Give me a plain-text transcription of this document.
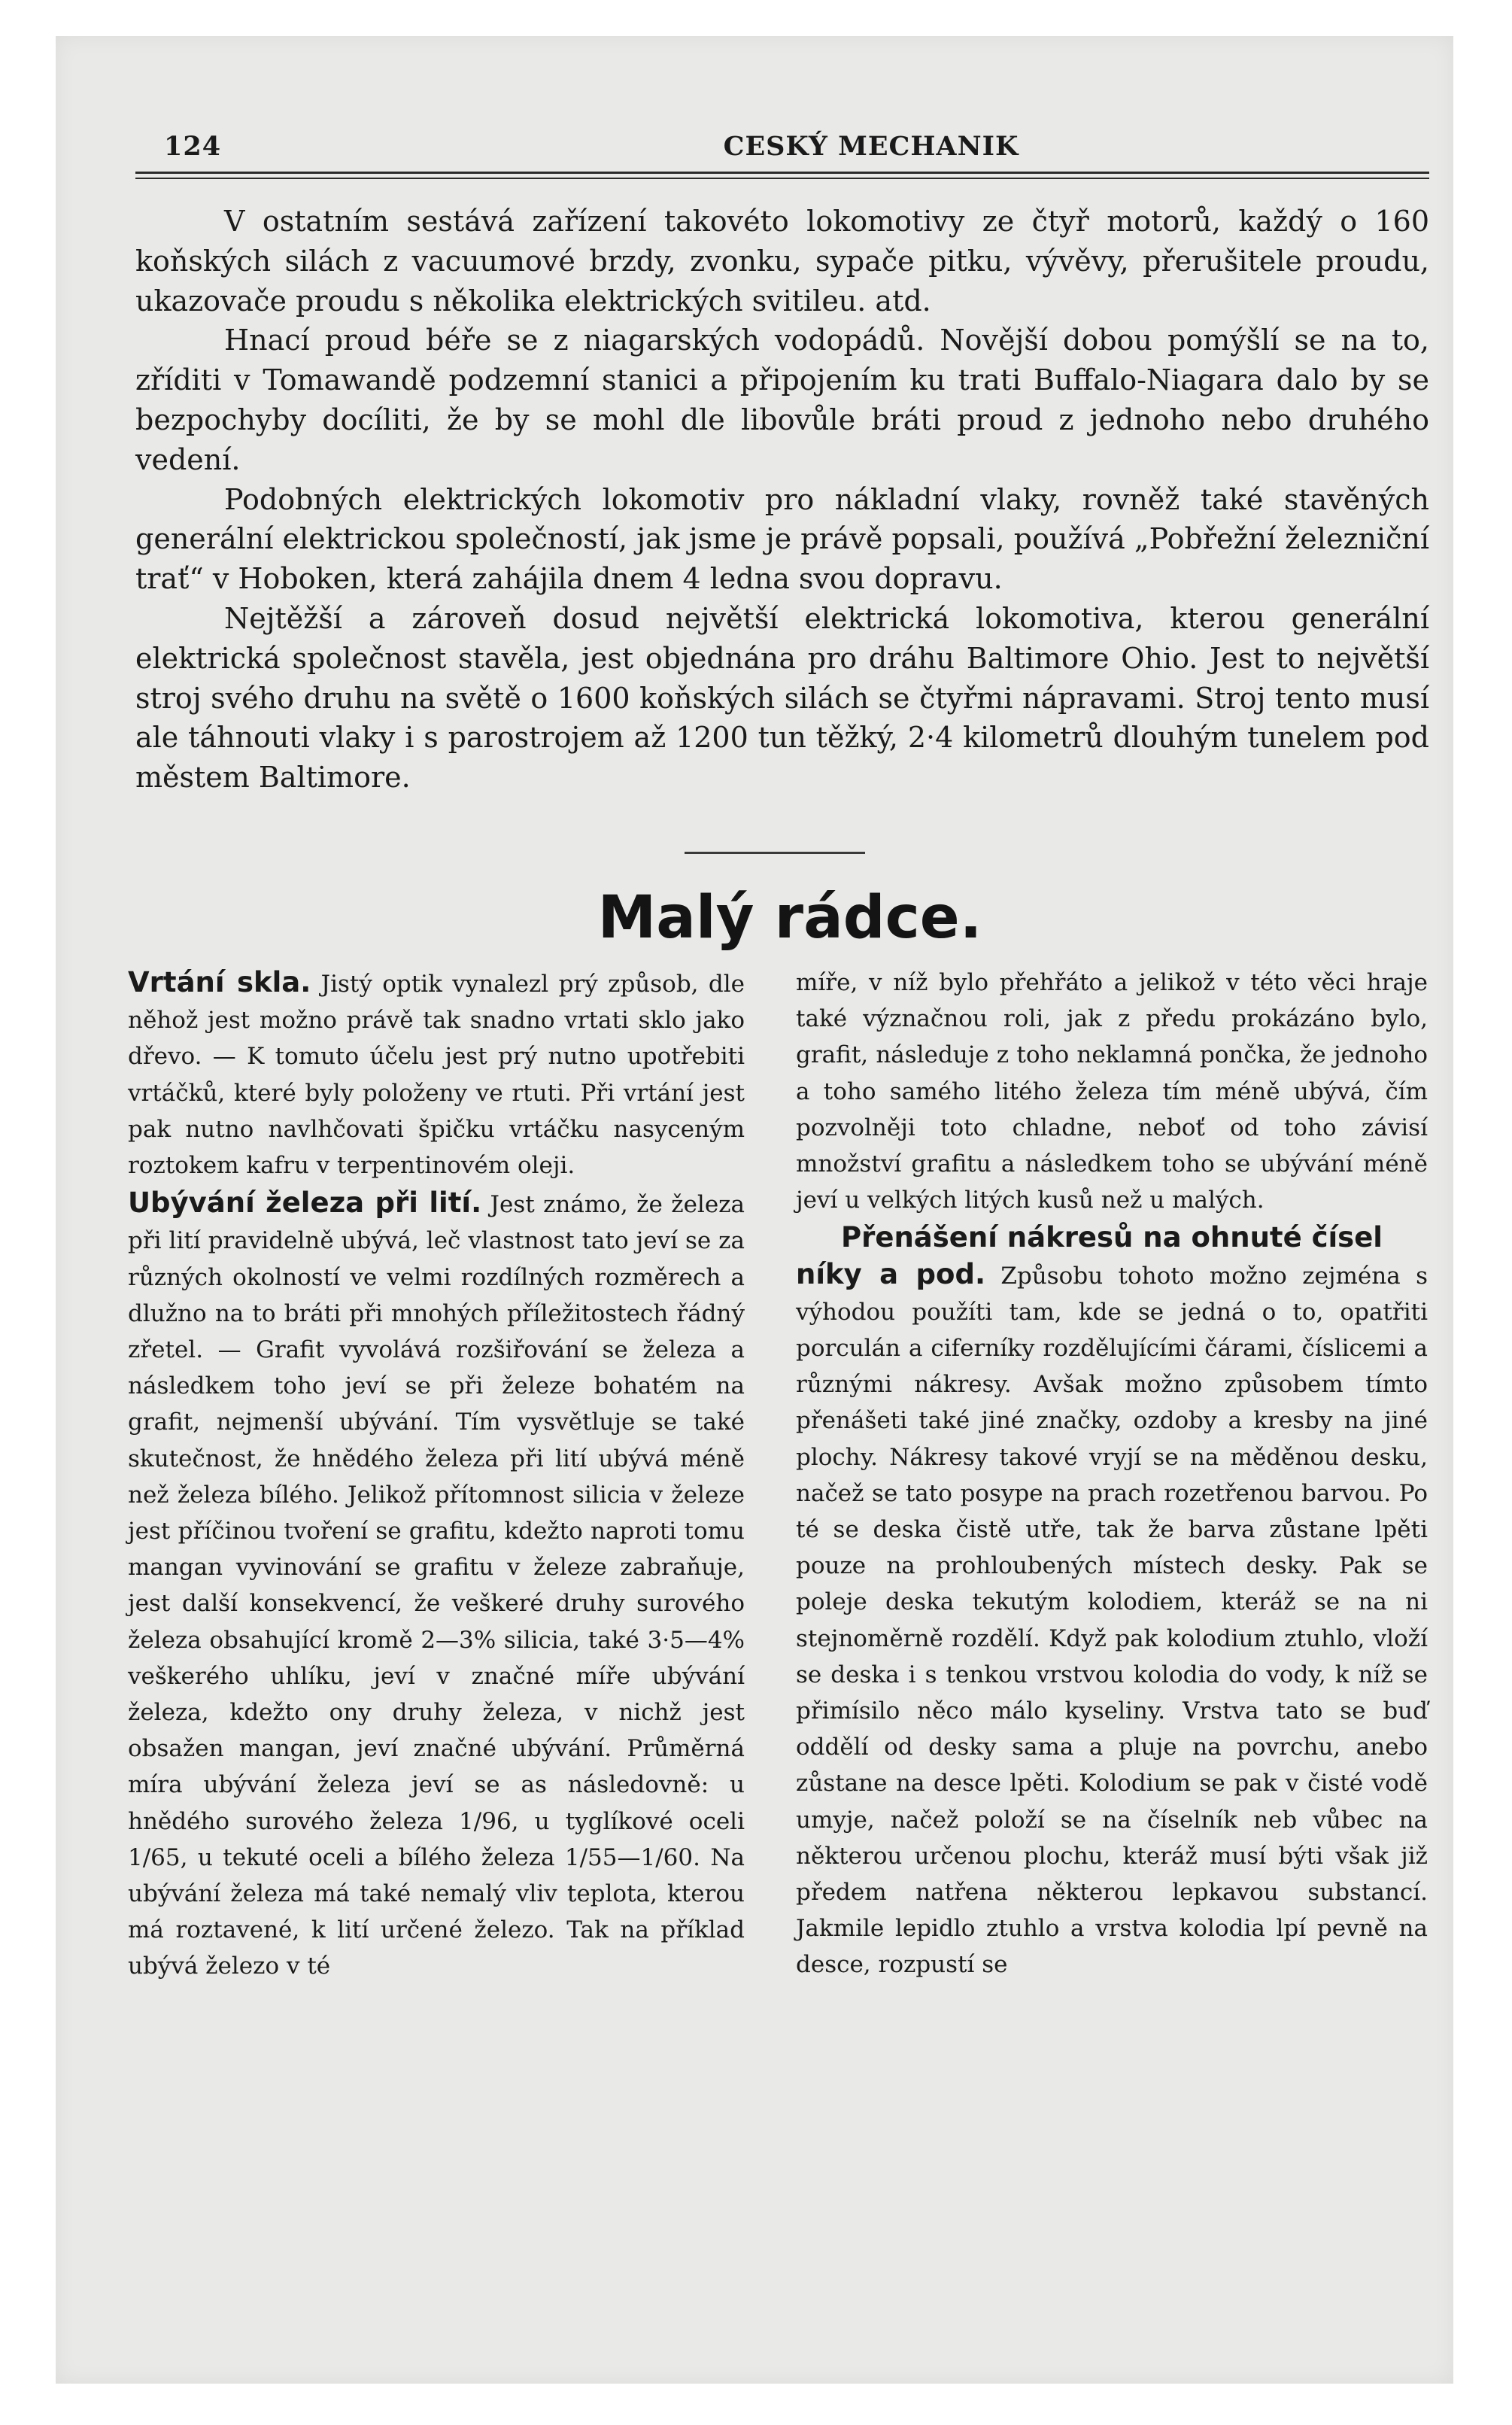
124	CESKÝ MECHANIK

V ostatním sestává zařízení takovéto lokomotivy ze čtyř motorů, každý o 160 koňských silách z vacuumové brzdy, zvonku, sypače pitku, vývěvy, přerušitele proudu, ukazovače proudu s několika elektrických svitileu. atd.

Hnací proud béře se z niagarských vodopádů. Novější dobou pomýšlí se na to, zříditi v Tomawandě podzemní stanici a připojením ku trati Buffalo-Niagara dalo by se bezpochyby docíliti, že by se mohl dle libovůle bráti proud z jednoho nebo druhého vedení.

Podobných elektrických lokomotiv pro nákladní vlaky, rovněž také stavěných generální elektrickou společností, jak jsme je právě popsali, používá „Pobřežní železniční trať“ v Hoboken, která zahájila dnem 4 ledna svou dopravu.

Nejtěžší a zároveň dosud největší elektrická lokomotiva, kterou generální elektrická společnost stavěla, jest objednána pro dráhu Baltimore Ohio. Jest to největší stroj svého druhu na světě o 1600 koňských silách se čtyřmi nápravami. Stroj tento musí ale táhnouti vlaky i s parostrojem až 1200 tun těžký, 2·4 kilometrů dlouhým tunelem pod městem Baltimore.

Malý rádce.

Vrtání skla. Jistý optik vynalezl prý způsob, dle něhož jest možno právě tak snadno vrtati sklo jako dřevo. — K tomuto účelu jest prý nutno upotřebiti vrtáčků, které byly položeny ve rtuti. Při vrtání jest pak nutno navlhčovati špičku vrtáčku nasyceným roztokem kafru v terpentinovém oleji.

Ubývání železa při lití. Jest známo, že železa při lití pravidelně ubývá, leč vlastnost tato jeví se za různých okolností ve velmi rozdílných rozměrech a dlužno na to bráti při mnohých příležitostech řádný zřetel. — Grafit vyvolává rozšiřování se železa a následkem toho jeví se při železe bohatém na grafit, nejmenší ubývání. Tím vysvětluje se také skutečnost, že hnědého železa při lití ubývá méně než železa bílého. Jelikož přítomnost silicia v železe jest příčinou tvoření se grafitu, kdežto naproti tomu mangan vyvinování se grafitu v železe zabraňuje, jest další konsekvencí, že veškeré druhy surového železa obsahující kromě 2—3% silicia, také 3·5—4% veškerého uhlíku, jeví v značné míře ubývání železa, kdežto ony druhy železa, v nichž jest obsažen mangan, jeví značné ubývání. Průměrná míra ubývání železa jeví se as následovně: u hnědého surového železa 1/96, u tyglíkové oceli 1/65, u tekuté oceli a bílého železa 1/55—1/60. Na ubývání železa má také nemalý vliv teplota, kterou má roztavené, k lití určené železo. Tak na příklad ubývá železo v té

míře, v níž bylo přehřáto a jelikož v této věci hraje také význačnou roli, jak z předu prokázáno bylo, grafit, následuje z toho neklamná pončka, že jednoho a toho samého litého železa tím méně ubývá, čím pozvolněji toto chladne, neboť od toho závisí množství grafitu a následkem toho se ubývání méně jeví u velkých litých kusů než u malých.

Přenášení nákresů na ohnuté čísel

níky a pod. Způsobu tohoto možno zejména s výhodou použíti tam, kde se jedná o to, opatřiti porculán a ciferníky rozdělujícími čárami, číslicemi a různými nákresy. Avšak možno způsobem tímto přenášeti také jiné značky, ozdoby a kresby na jiné plochy. Nákresy takové vryjí se na měděnou desku, načež se tato posype na prach rozetřenou barvou. Po té se deska čistě utře, tak že barva zůstane lpěti pouze na prohloubených místech desky. Pak se poleje deska tekutým kolodiem, kteráž se na ni stejnoměrně rozdělí. Když pak kolodium ztuhlo, vloží se deska i s tenkou vrstvou kolodia do vody, k níž se přimísilo něco málo kyseliny. Vrstva tato se buď oddělí od desky sama a pluje na povrchu, anebo zůstane na desce lpěti. Kolodium se pak v čisté vodě umyje, načež položí se na číselník neb vůbec na některou určenou plochu, kteráž musí býti však již předem natřena některou lepkavou substancí. Jakmile lepidlo ztuhlo a vrstva kolodia lpí pevně na desce, rozpustí se
